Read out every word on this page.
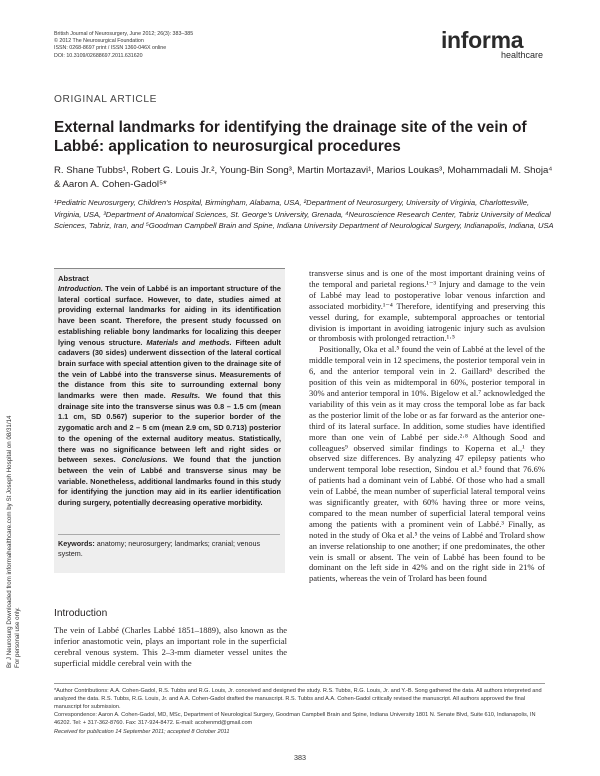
Br J Neurosurg Downloaded from informahealthcare.com by St Joseph Hospital on 08/31/14 For personal use only.
British Journal of Neurosurgery, June 2012; 26(3): 383–385
© 2012 The Neurosurgical Foundation
ISSN: 0268-8697 print / ISSN 1360-046X online
DOI: 10.3109/02688697.2011.631620
informa
healthcare
ORIGINAL ARTICLE
External landmarks for identifying the drainage site of the vein of Labbé: application to neurosurgical procedures
R. Shane Tubbs¹, Robert G. Louis Jr.², Young-Bin Song³, Martin Mortazavi¹, Marios Loukas³, Mohammadali M. Shoja⁴ & Aaron A. Cohen-Gadol⁵*
¹Pediatric Neurosurgery, Children's Hospital, Birmingham, Alabama, USA, ²Department of Neurosurgery, University of Virginia, Charlottesville, Virginia, USA, ³Department of Anatomical Sciences, St. George's University, Grenada, ⁴Neuroscience Research Center, Tabriz University of Medical Sciences, Tabriz, Iran, and ⁵Goodman Campbell Brain and Spine, Indiana University Department of Neurological Surgery, Indianapolis, Indiana, USA
Abstract
Introduction. The vein of Labbé is an important structure of the lateral cortical surface. However, to date, studies aimed at providing external landmarks for aiding in its identification have been scant. Therefore, the present study focussed on establishing reliable bony landmarks for localizing this deeper lying venous structure. Materials and methods. Fifteen adult cadavers (30 sides) underwent dissection of the lateral cortical brain surface with special attention given to the drainage site of the vein of Labbé into the transverse sinus. Measurements of the distance from this site to surrounding external bony landmarks were then made. Results. We found that this drainage site into the transverse sinus was 0.8 – 1.5 cm (mean 1.1 cm, SD 0.567) superior to the superior border of the zygomatic arch and 2 – 5 cm (mean 2.9 cm, SD 0.713) posterior to the opening of the external auditory meatus. Statistically, there was no significance between left and right sides or between sexes. Conclusions. We found that the junction between the vein of Labbé and transverse sinus may be variable. Nonetheless, additional landmarks found in this study for identifying the junction may aid in its earlier identification during surgery, potentially decreasing operative morbidity.
Keywords: anatomy; neurosurgery; landmarks; cranial; venous system.
Introduction
The vein of Labbé (Charles Labbé 1851–1889), also known as the inferior anastomotic vein, plays an important role in the superficial cerebral venous system. This 2–3-mm diameter vessel unites the superficial middle cerebral vein with the

transverse sinus and is one of the most important draining veins of the temporal and parietal regions.¹⁻³ Injury and damage to the vein of Labbé may lead to postoperative lobar venous infarction and associated morbidity.¹⁻⁴ Therefore, identifying and preserving this vessel during, for example, subtemporal approaches or tentorial division is important in avoiding iatrogenic injury such as avulsion or thrombosis with prolonged retraction.¹·⁵

Positionally, Oka et al.⁵ found the vein of Labbé at the level of the middle temporal vein in 12 specimens, the posterior temporal vein in 6, and the anterior temporal vein in 2. Gaillard⁶ described the position of this vein as midtemporal in 60%, posterior temporal in 30% and anterior temporal in 10%. Bigelow et al.⁷ acknowledged the variability of this vein as it may cross the temporal lobe as far back as the posterior limit of the lobe or as far forward as the anterior one-third of its lateral surface. In addition, some studies have identified more than one vein of Labbé per side.²·⁸ Although Sood and colleagues⁹ observed similar findings to Koperna et al.,¹ they observed size differences. By analyzing 47 epilepsy patients who underwent temporal lobe resection, Sindou et al.³ found that 76.6% of patients had a dominant vein of Labbé. Of those who had a small vein of Labbé, the mean number of superficial lateral temporal veins was significantly greater, with 60% having three or more veins, compared to the mean number of superficial lateral temporal veins among the patients with a prominent vein of Labbé.³ Finally, as noted in the study of Oka et al.⁵ the veins of Labbé and Trolard show an inverse relationship to one another; if one predominates, the other vein is small or absent. The vein of Labbé has been found to be dominant on the left side in 42% and on the right side in 21% of patients, whereas the vein of Trolard has been found

*Author Contributions: A.A. Cohen-Gadol, R.S. Tubbs and R.G. Louis, Jr. conceived and designed the study. R.S. Tubbs, R.G. Louis, Jr. and Y.-B. Song gathered the data. All authors interpreted and analyzed the data. R.S. Tubbs, R.G. Louis, Jr. and A.A. Cohen-Gadol drafted the manuscript. R.S. Tubbs and A.A. Cohen-Gadol critically revised the manuscript. All authors approved the final manuscript for submission.
Correspondence: Aaron A. Cohen-Gadol, MD, MSc, Department of Neurological Surgery, Goodman Campbell Brain and Spine, Indiana University 1801 N. Senate Blvd, Suite 610, Indianapolis, IN 46202. Tel: + 317-362-8760. Fax: 317-924-8472. E-mail: acohenmd@gmail.com
Received for publication 14 September 2011; accepted 8 October 2011
383
